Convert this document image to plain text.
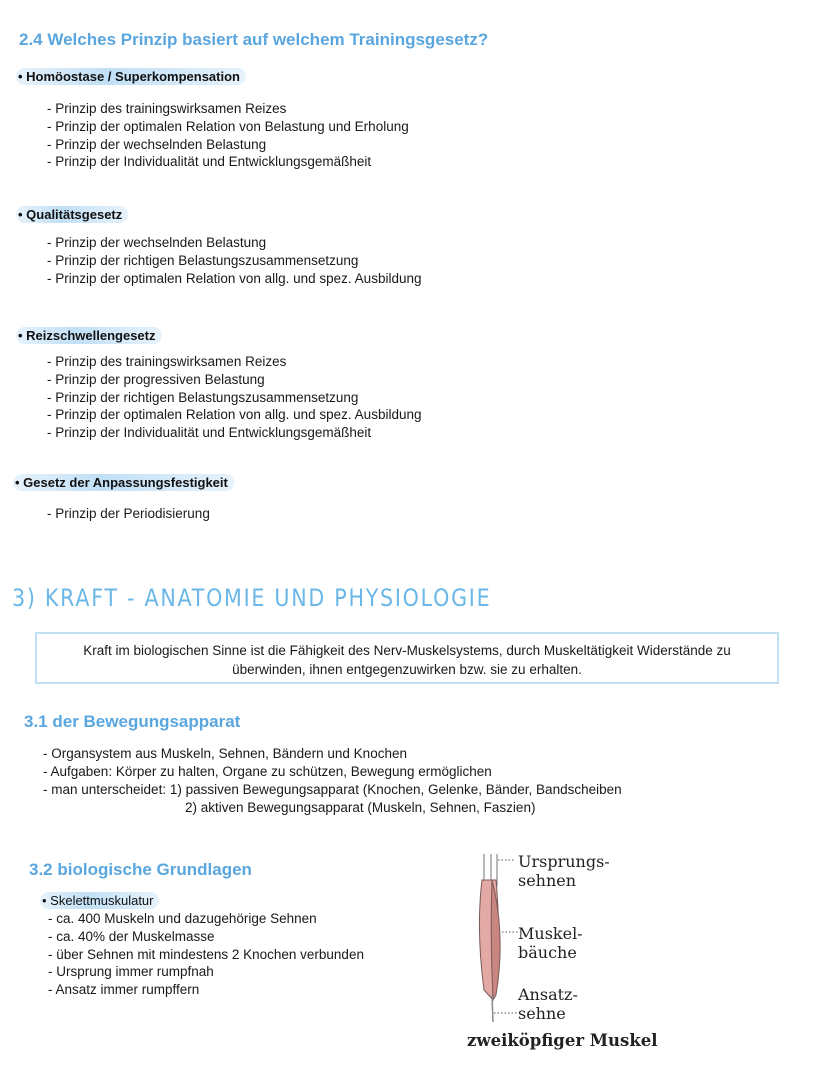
2.4 Welches Prinzip basiert auf welchem Trainingsgesetz?
• Homöostase / Superkompensation
- Prinzip des trainingswirksamen Reizes
- Prinzip der optimalen Relation von Belastung und Erholung
- Prinzip der wechselnden Belastung
- Prinzip der Individualität und Entwicklungsgemäßheit
• Qualitätsgesetz
- Prinzip der wechselnden Belastung
- Prinzip der richtigen Belastungszusammensetzung
- Prinzip der optimalen Relation von allg. und spez. Ausbildung
• Reizschwellengesetz
- Prinzip des trainingswirksamen Reizes
- Prinzip der progressiven Belastung
- Prinzip der richtigen Belastungszusammensetzung
- Prinzip der optimalen Relation von allg. und spez. Ausbildung
- Prinzip der Individualität und Entwicklungsgemäßheit
• Gesetz der Anpassungsfestigkeit
- Prinzip der Periodisierung
3) KRAFT - ANATOMIE UND PHYSIOLOGIE
Kraft im biologischen Sinne ist die Fähigkeit des Nerv-Muskelsystems, durch Muskeltätigkeit Widerstände zu überwinden, ihnen entgegenzuwirken bzw. sie zu erhalten.
3.1 der Bewegungsapparat
- Organsystem aus Muskeln, Sehnen, Bändern und Knochen
- Aufgaben: Körper zu halten, Organe zu schützen, Bewegung ermöglichen
- man unterscheidet: 1) passiven Bewegungsapparat (Knochen, Gelenke, Bänder, Bandscheiben
2) aktiven Bewegungsapparat (Muskeln, Sehnen, Faszien)
3.2 biologische Grundlagen
• Skelettmuskulatur
- ca. 400 Muskeln und dazugehörige Sehnen
- ca. 40% der Muskelmasse
- über Sehnen mit mindestens 2 Knochen verbunden
- Ursprung immer rumpfnah
- Ansatz immer rumpffern
Ursprungs-
sehnen
Muskel-
bäuche
Ansatz-
sehne
zweiköpfiger Muskel
